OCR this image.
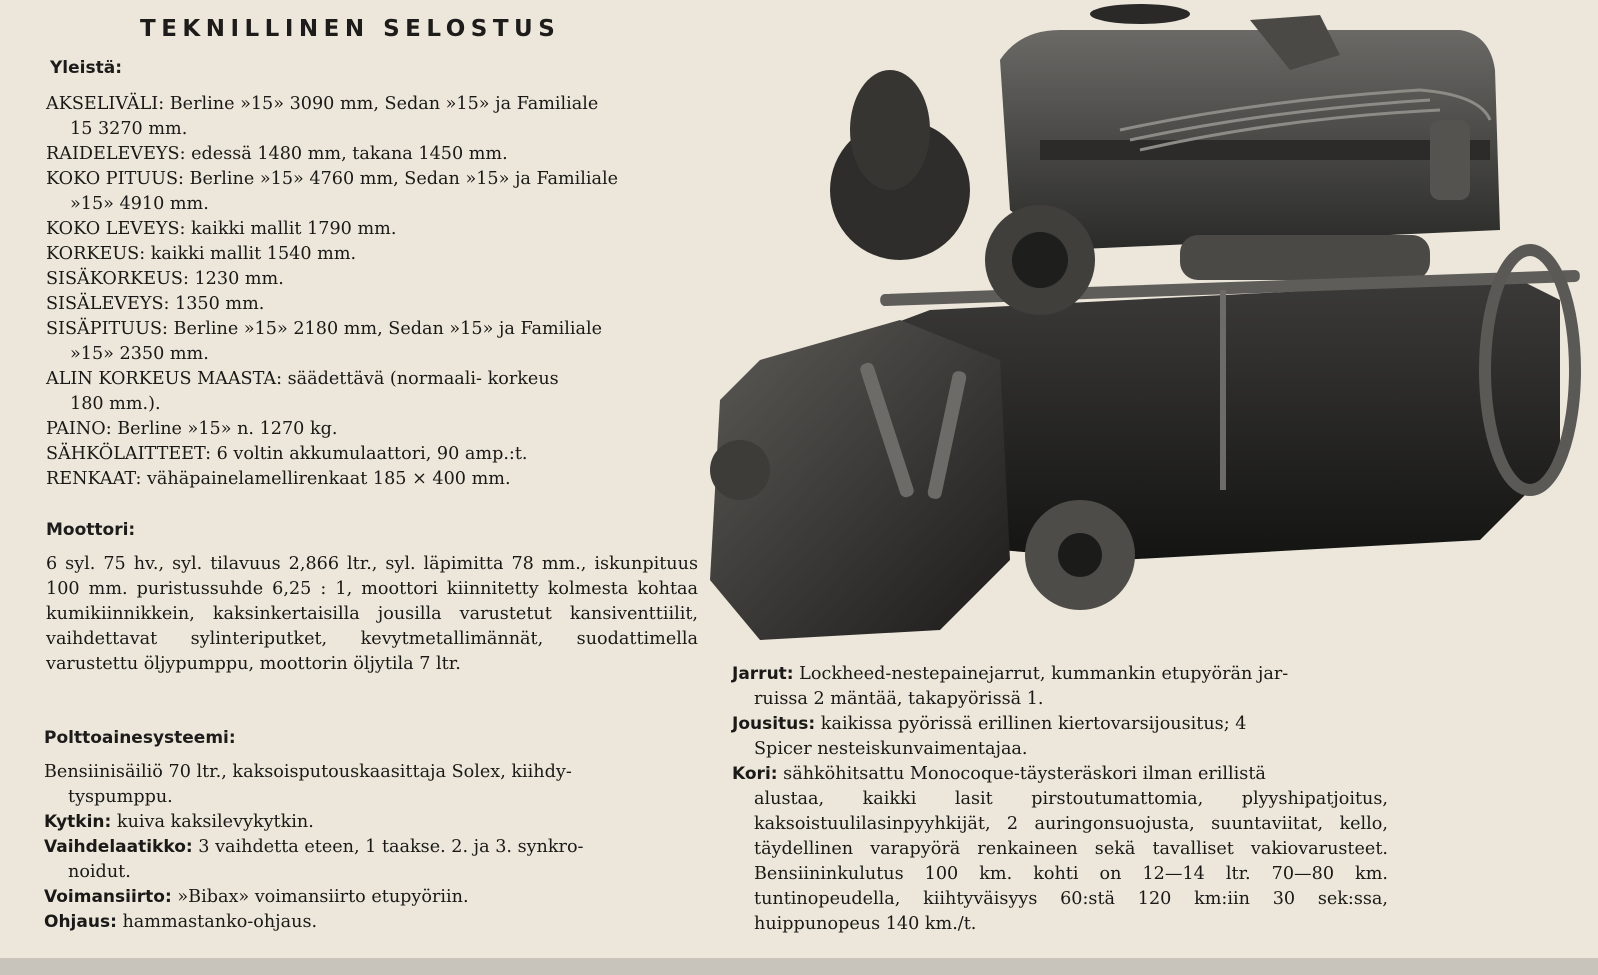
TEKNILLINEN SELOSTUS
Yleistä:

AKSELIVÄLI: Berline »15» 3090 mm, Sedan »15» ja Familiale
15 3270 mm.

RAIDELEVEYS: edessä 1480 mm, takana 1450 mm.

KOKO PITUUS: Berline »15» 4760 mm, Sedan »15» ja Familiale
»15» 4910 mm.

KOKO LEVEYS: kaikki mallit 1790 mm.

KORKEUS: kaikki mallit 1540 mm.

SISÄKORKEUS: 1230 mm.

SISÄLEVEYS: 1350 mm.

SISÄPITUUS: Berline »15» 2180 mm, Sedan »15» ja Familiale
»15» 2350 mm.

ALIN KORKEUS MAASTA: säädettävä (normaali- korkeus
180 mm.).

PAINO: Berline »15» n. 1270 kg.

SÄHKÖLAITTEET: 6 voltin akkumulaattori, 90 amp.:t.

RENKAAT: vähäpainelamellirenkaat 185 × 400 mm.

Moottori:

6 syl. 75 hv., syl. tilavuus 2,866 ltr., syl. läpimitta 78 mm., iskunpituus 100 mm. puristussuhde 6,25 : 1, moottori kiinnitetty kolmesta kohtaa kumikiinnikkein, kaksinkertaisilla jousilla varustetut kansiventtiilit, vaihdettavat sylinteriputket, kevytmetallimännät, suodattimella varustettu öljypumppu, moottorin öljytila 7 ltr.

Polttoainesysteemi:

Bensiinisäiliö 70 ltr., kaksoisputouskaasittaja Solex, kiihdy-
tyspumppu.

Kytkin: kuiva kaksilevykytkin.

Vaihdelaatikko: 3 vaihdetta eteen, 1 taakse. 2. ja 3. synkro-
noidut.

Voimansiirto: »Bibax» voimansiirto etupyöriin.

Ohjaus: hammastanko-ohjaus.

Jarrut: Lockheed-nestepainejarrut, kummankin etupyörän jar-
ruissa 2 mäntää, takapyörissä 1.

Jousitus: kaikissa pyörissä erillinen kiertovarsijousitus; 4
Spicer nesteiskunvaimentajaa.

Kori: sähköhitsattu Monocoque-täysteräskori ilman erillistä
alustaa, kaikki lasit pirstoutumattomia, plyyshipatjoitus, kaksoistuulilasinpyyhkijät, 2 auringonsuojusta, suuntaviitat, kello, täydellinen varapyörä renkaineen sekä tavalliset vakiovarusteet. Bensiininkulutus 100 km. kohti on 12—14 ltr. 70—80 km. tuntinopeudella, kiihtyväisyys 60:stä 120 km:iin 30 sek:ssa, huippunopeus 140 km./t.
